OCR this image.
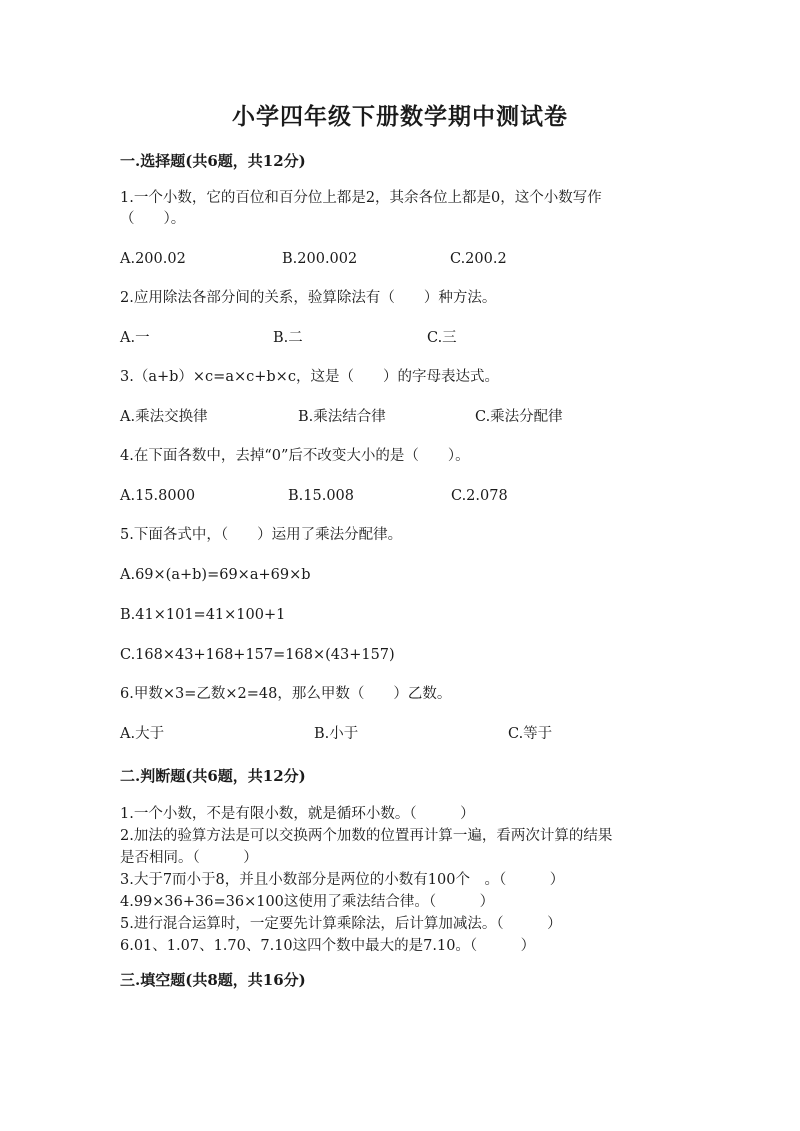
小学四年级下册数学期中测试卷

一.选择题(共6题，共12分)

1.一个小数，它的百位和百分位上都是2，其余各位上都是0，这个小数写作

（　　）。

A.200.02	B.200.002	C.200.2

2.应用除法各部分间的关系，验算除法有（　　）种方法。

A.一	B.二	C.三

3.（a+b）×c=a×c+b×c，这是（　　）的字母表达式。

A.乘法交换律	B.乘法结合律	C.乘法分配律

4.在下面各数中，去掉“0”后不改变大小的是（　　）。

A.15.8000	B.15.008	C.2.078

5.下面各式中，（　　）运用了乘法分配律。

A.69×(a+b)=69×a+69×b

B.41×101=41×100+1

C.168×43+168+157=168×(43+157)

6.甲数×3=乙数×2=48，那么甲数（　　）乙数。

A.大于	B.小于	C.等于

二.判断题(共6题，共12分)

1.一个小数，不是有限小数，就是循环小数。（　　　）
2.加法的验算方法是可以交换两个加数的位置再计算一遍，看两次计算的结果
是否相同。（　　　）
3.大于7而小于8，并且小数部分是两位的小数有100个　。（　　　）
4.99×36+36=36×100这使用了乘法结合律。（　　　）
5.进行混合运算时，一定要先计算乘除法，后计算加减法。（　　　）
6.01、1.07、1.70、7.10这四个数中最大的是7.10。（　　　）

三.填空题(共8题，共16分)
